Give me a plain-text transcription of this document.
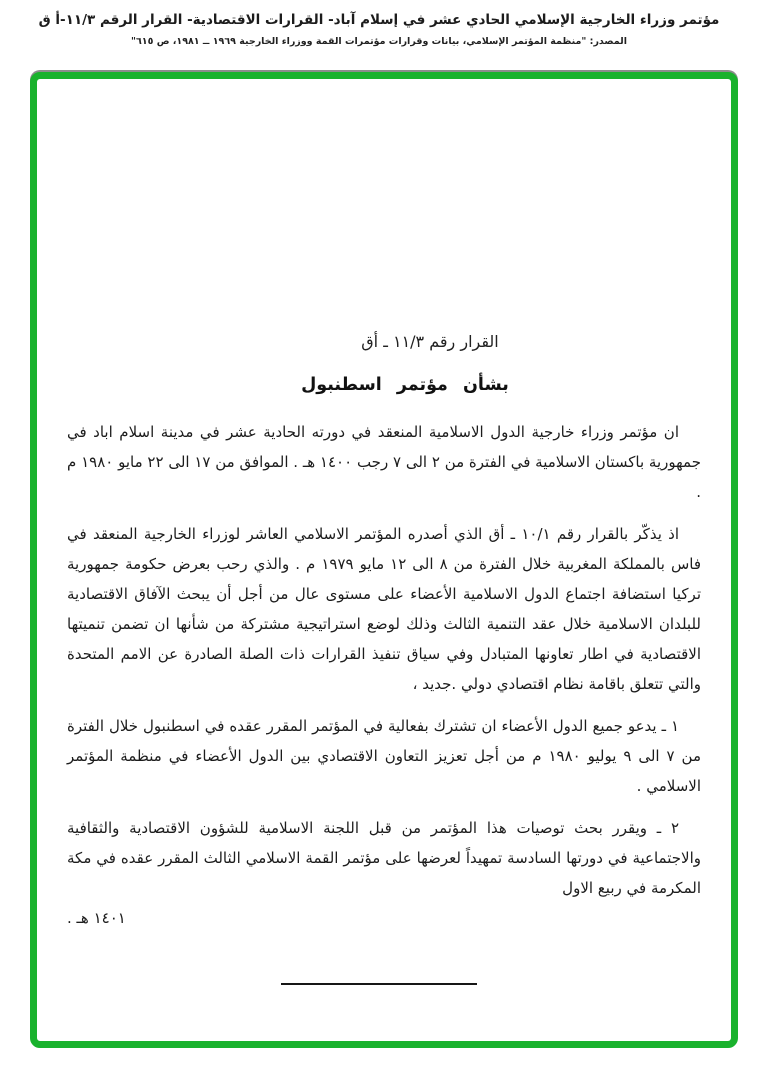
مؤتمر وزراء الخارجية الإسلامي الحادي عشر في إسلام آباد- القرارات الاقتصادية- القرار الرقم ١١/٣-أ ق
المصدر: "منظمة المؤتمر الإسلامي، بيانات وقرارات مؤتمرات القمة ووزراء الخارجية ١٩٦٩ ــ ١٩٨١، ص ٦١٥"
القرار رقم ١١/٣ ـ أق
بشأن مؤتمر اسطنبول

ان مؤتمر وزراء خارجية الدول الاسلامية المنعقد في دورته الحادية عشر في مدينة اسلام اباد في جمهورية باكستان الاسلامية في الفترة من ٢ الى ٧ رجب ١٤٠٠ هـ . الموافق من ١٧ الى ٢٢ مايو ١٩٨٠ م .

اذ يذكّر بالقرار رقم ١٠/١ ـ أق الذي أصدره المؤتمر الاسلامي العاشر لوزراء الخارجية المنعقد في فاس بالمملكة المغربية خلال الفترة من ٨ الى ١٢ مايو ١٩٧٩ م . والذي رحب بعرض حكومة جمهورية تركيا استضافة اجتماع الدول الاسلامية الأعضاء على مستوى عال من أجل أن يبحث الآفاق الاقتصادية للبلدان الاسلامية خلال عقد التنمية الثالث وذلك لوضع استراتيجية مشتركة من شأنها ان تضمن تنميتها الاقتصادية في اطار تعاونها المتبادل وفي سياق تنفيذ القرارات ذات الصلة الصادرة عن الامم المتحدة والتي تتعلق باقامة نظام اقتصادي دولي .جديد ،

١ ـ يدعو جميع الدول الأعضاء ان تشترك بفعالية في المؤتمر المقرر عقده في اسطنبول خلال الفترة من ٧ الى ٩ يوليو ١٩٨٠ م من أجل تعزيز التعاون الاقتصادي بين الدول الأعضاء في منظمة المؤتمر الاسلامي .

٢ ـ ويقرر بحث توصيات هذا المؤتمر من قبل اللجنة الاسلامية للشؤون الاقتصادية والثقافية والاجتماعية في دورتها السادسة تمهيداً لعرضها على مؤتمر القمة الاسلامي الثالث المقرر عقده في مكة المكرمة في ربيع الاول

١٤٠١ هـ .
